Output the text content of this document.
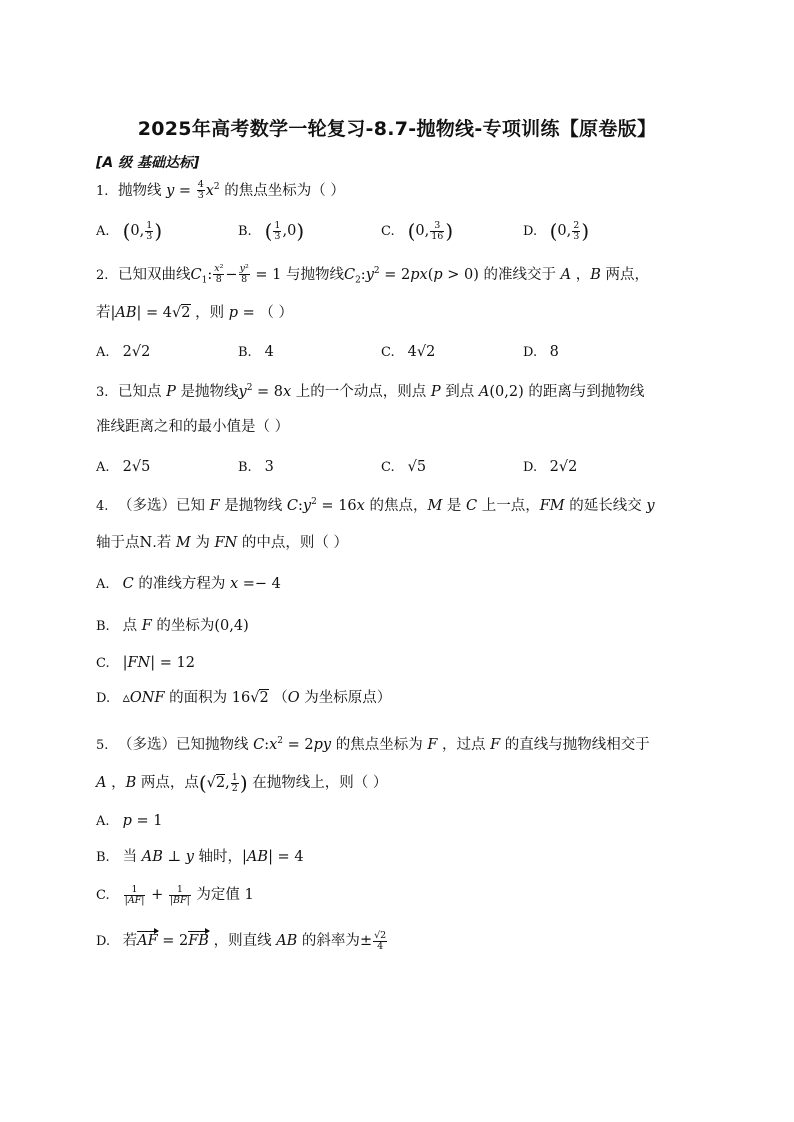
2025年高考数学一轮复习-8.7-抛物线-专项训练【原卷版】
[A 级 基础达标]
1. 抛物线 $y = \frac{4}{3} x^2$ 的焦点坐标为（ ）
A. (0, $\frac{1}{3}$ )	B. ( $\frac{1}{3} ,0$)	C. (0, $\frac{3}{16}$ )	D. (0, $\frac{2}{3}$ )
2. 已知双曲线$C_1$: $\frac{\text{x²}}{8} - \frac{\text{y²}}{8} = 1$ 与抛物线$C_2:y^2 = 2px(p > 0)$ 的准线交于 A ，B 两点，
若|AB| = 4√2 ，则 p = （ ）
A. 2√2	B. 4	C. 4√2	D. 8
3. 已知点 P 是抛物线$y^2 = 8x$ 上的一个动点，则点 P 到点 A(0,2) 的距离与到抛物线
准线距离之和的最小值是（ ）
A. 2√5	B. 3	C. √5	D. 2√2
4. （多选）已知 F 是抛物线 $C:y^2 = 16x$ 的焦点，M 是 C 上一点，FM 的延长线交 y
轴于点N.若 M 为 FN 的中点，则（ ）
A. C 的准线方程为 x =− 4
B. 点 F 的坐标为(0,4)
C. |FN| = 12
D. ▵ONF 的面积为 16√2 （O 为坐标原点）
5. （多选）已知抛物线 $C:x^2 = 2py$ 的焦点坐标为 F ，过点 F 的直线与抛物线相交于
A ，B 两点，点(√2, $\frac{1}{2}$ ) 在抛物线上，则（ ）
A. p = 1
B. 当 AB ⊥ y 轴时，|AB| = 4
C. $\frac{1}{|AF|} + \frac{1}{|BF|}$ 为定值 1
D. 若AF = 2FB ，则直线 AB 的斜率为± $\frac{√2}{4}$
